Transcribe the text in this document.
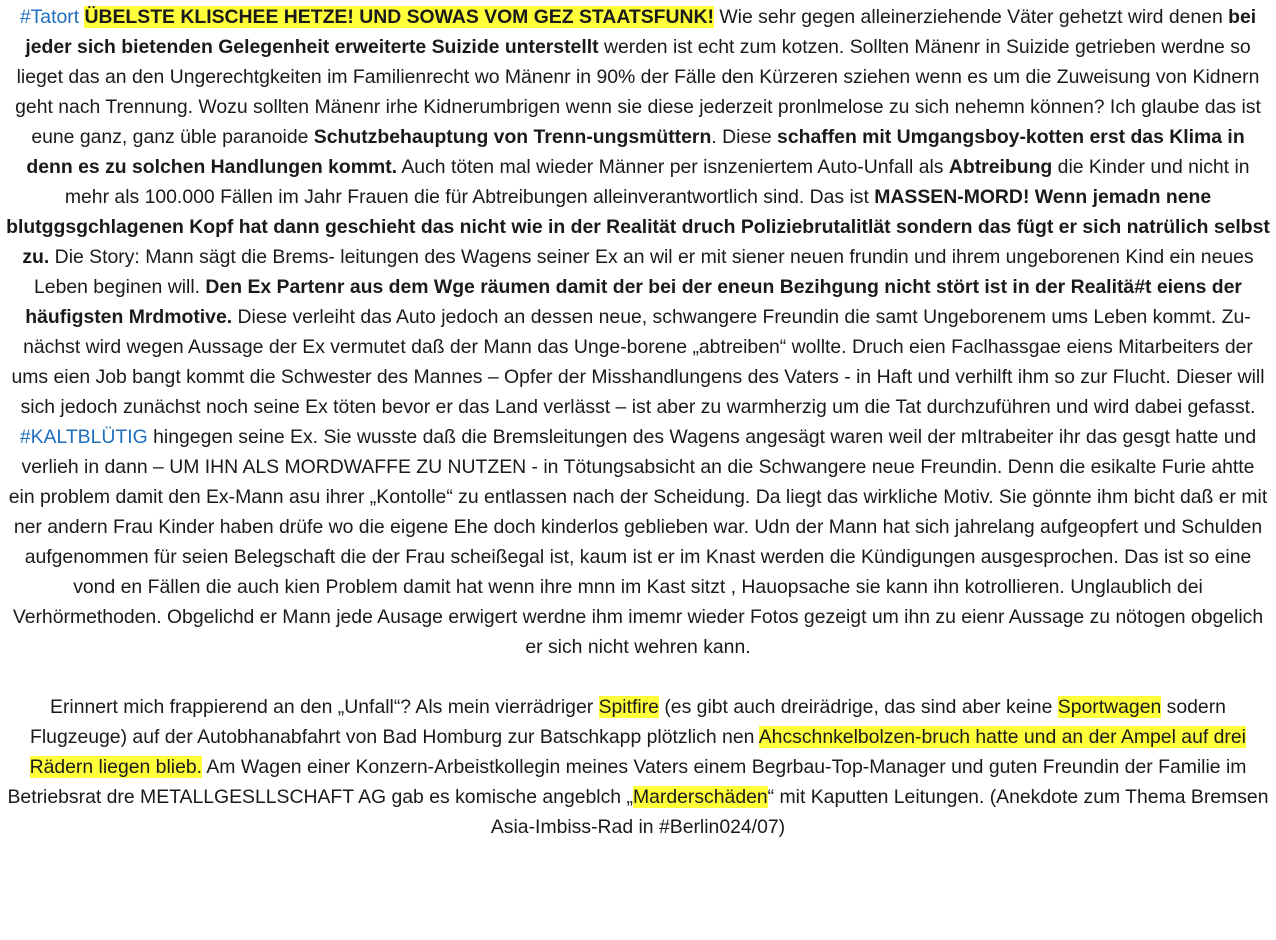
#Tatort ÜBELSTE KLISCHEE HETZE! UND SOWAS VOM GEZ STAATSFUNK! Wie sehr gegen alleinerziehende Väter gehetzt wird denen bei jeder sich bietenden Gelegenheit erweiterte Suizide unterstellt werden ist echt zum kotzen. Sollten Mänenr in Suizide getrieben werdne so lieget das an den Ungerechtgkeiten im Familienrecht wo Mänenr in 90% der Fälle den Kürzeren sziehen wenn es um die Zuweisung von Kidnern geht nach Trennung. Wozu sollten Mänenr irhe Kidnerumbrigen wenn sie diese jederzeit pronlmelose zu sich nehemn können? Ich glaube das ist eune ganz, ganz üble paranoide Schutzbehauptung von Trenn-ungsmüttern. Diese schaffen mit Umgangsboy-kotten erst das Klima in denn es zu solchen Handlungen kommt. Auch töten mal wieder Männer per isnzeniertem Auto-Unfall als Abtreibung die Kinder und nicht in mehr als 100.000 Fällen im Jahr Frauen die für Abtreibungen alleinverantwortlich sind. Das ist MASSEN-MORD! Wenn jemadn nene blutggsgchlagenen Kopf hat dann geschieht das nicht wie in der Realität druch Poliziebrutalitlät sondern das fügt er sich natrülich selbst zu. Die Story: Mann sägt die Brems- leitungen des Wagens seiner Ex an wil er mit siener neuen frundin und ihrem ungeborenen Kind ein neues Leben beginen will. Den Ex Partenr aus dem Wge räumen damit der bei der eneun Bezihgung nicht stört ist in der Realitä#t eiens der häufigsten Mrdmotive. Diese verleiht das Auto jedoch an dessen neue, schwangere Freundin die samt Ungeborenem ums Leben kommt. Zu-nächst wird wegen Aussage der Ex vermutet daß der Mann das Unge-borene „abtreiben“ wollte. Druch eien Faclhassgae eiens Mitarbeiters der ums eien Job bangt kommt die Schwester des Mannes – Opfer der Misshandlungens des Vaters - in Haft und verhilft ihm so zur Flucht. Dieser will sich jedoch zunächst noch seine Ex töten bevor er das Land verlässt – ist aber zu warmherzig um die Tat durchzuführen und wird dabei gefasst. #KALTBLÜTIG hingegen seine Ex. Sie wusste daß die Bremsleitungen des Wagens angesägt waren weil der mItrabeiter ihr das gesgt hatte und verlieh in dann – UM IHN ALS MORDWAFFE ZU NUTZEN - in Tötungsabsicht an die Schwangere neue Freundin. Denn die esikalte Furie ahtte ein problem damit den Ex-Mann asu ihrer „Kontolle“ zu entlassen nach der Scheidung. Da liegt das wirkliche Motiv. Sie gönnte ihm bicht daß er mit ner andern Frau Kinder haben drüfe wo die eigene Ehe doch kinderlos geblieben war. Udn der Mann hat sich jahrelang aufgeopfert und Schulden aufgenommen für seien Belegschaft die der Frau scheißegal ist, kaum ist er im Knast werden die Kündigungen ausgesprochen. Das ist so eine vond en Fällen die auch kien Problem damit hat wenn ihre mnn im Kast sitzt , Hauopsache sie kann ihn kotrollieren. Unglaublich dei Verhörmethoden. Obgelichd er Mann jede Ausage erwigert werdne ihm imemr wieder Fotos gezeigt um ihn zu eienr Aussage zu nötogen obgelich er sich nicht wehren kann.

Erinnert mich frappierend an den „Unfall“? Als mein vierrädriger Spitfire (es gibt auch dreirädrige, das sind aber keine Sportwagen sodern Flugzeuge) auf der Autobhanabfahrt von Bad Homburg zur Batschkapp plötzlich nen Ahcschnkelbolzen-bruch hatte und an der Ampel auf drei Rädern liegen blieb. Am Wagen einer Konzern-Arbeistkollegin meines Vaters einem Begrbau-Top-Manager und guten Freundin der Familie im Betriebsrat dre METALLGESLLSCHAFT AG gab es komische angeblch „Marderschäden“ mit Kaputten Leitungen. (Anekdote zum Thema Bremsen Asia-Imbiss-Rad in #Berlin024/07)
